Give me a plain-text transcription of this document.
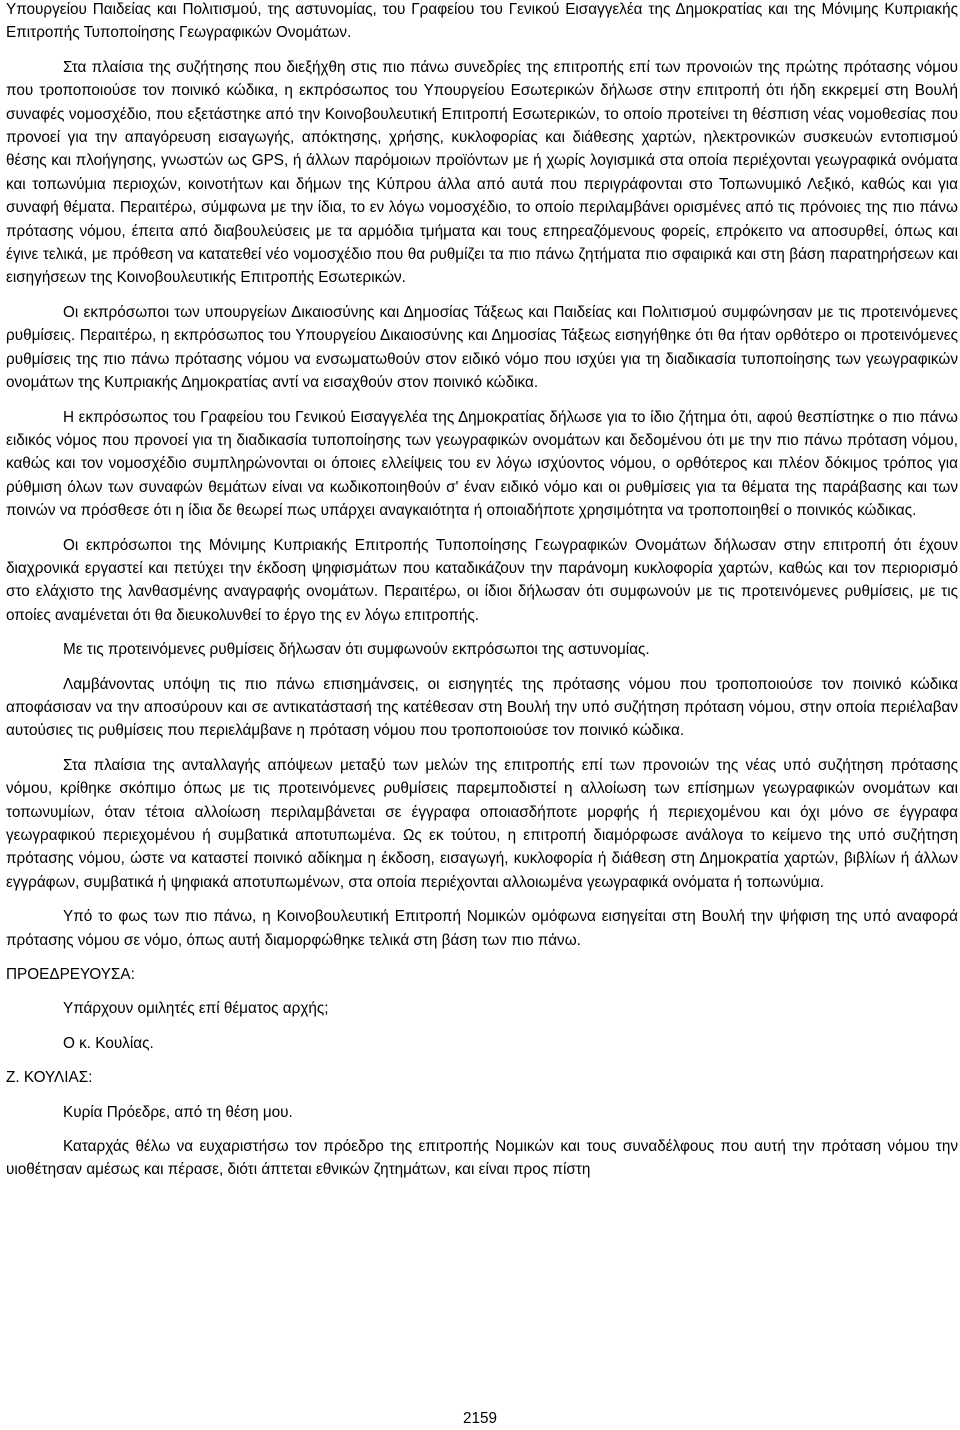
Υπουργείου Παιδείας και Πολιτισμού, της αστυνομίας, του Γραφείου του Γενικού Εισαγγελέα της Δημοκρατίας και της Μόνιμης Κυπριακής Επιτροπής Τυποποίησης Γεωγραφικών Ονομάτων.

Στα πλαίσια της συζήτησης που διεξήχθη στις πιο πάνω συνεδρίες της επιτροπής επί των προνοιών της πρώτης πρότασης νόμου που τροποποιούσε τον ποινικό κώδικα, η εκπρόσωπος του Υπουργείου Εσωτερικών δήλωσε στην επιτροπή ότι ήδη εκκρεμεί στη Βουλή συναφές νομοσχέδιο, που εξετάστηκε από την Κοινοβουλευτική Επιτροπή Εσωτερικών, το οποίο προτείνει τη θέσπιση νέας νομοθεσίας που προνοεί για την απαγόρευση εισαγωγής, απόκτησης, χρήσης, κυκλοφορίας και διάθεσης χαρτών, ηλεκτρονικών συσκευών εντοπισμού θέσης και πλοήγησης, γνωστών ως GPS, ή άλλων παρόμοιων προϊόντων με ή χωρίς λογισμικά στα οποία περιέχονται γεωγραφικά ονόματα και τοπωνύμια περιοχών, κοινοτήτων και δήμων της Κύπρου άλλα από αυτά που περιγράφονται στο Τοπωνυμικό Λεξικό, καθώς και για συναφή θέματα. Περαιτέρω, σύμφωνα με την ίδια, το εν λόγω νομοσχέδιο, το οποίο περιλαμβάνει ορισμένες από τις πρόνοιες της πιο πάνω πρότασης νόμου, έπειτα από διαβουλεύσεις με τα αρμόδια τμήματα και τους επηρεαζόμενους φορείς, επρόκειτο να αποσυρθεί, όπως και έγινε τελικά, με πρόθεση να κατατεθεί νέο νομοσχέδιο που θα ρυθμίζει τα πιο πάνω ζητήματα πιο σφαιρικά και στη βάση παρατηρήσεων και εισηγήσεων της Κοινοβουλευτικής Επιτροπής Εσωτερικών.

Οι εκπρόσωποι των υπουργείων Δικαιοσύνης και Δημοσίας Τάξεως και Παιδείας και Πολιτισμού συμφώνησαν με τις προτεινόμενες ρυθμίσεις. Περαιτέρω, η εκπρόσωπος του Υπουργείου Δικαιοσύνης και Δημοσίας Τάξεως εισηγήθηκε ότι θα ήταν ορθότερο οι προτεινόμενες ρυθμίσεις της πιο πάνω πρότασης νόμου να ενσωματωθούν στον ειδικό νόμο που ισχύει για τη διαδικασία τυποποίησης των γεωγραφικών ονομάτων της Κυπριακής Δημοκρατίας αντί να εισαχθούν στον ποινικό κώδικα.

Η εκπρόσωπος του Γραφείου του Γενικού Εισαγγελέα της Δημοκρατίας δήλωσε για το ίδιο ζήτημα ότι, αφού θεσπίστηκε ο πιο πάνω ειδικός νόμος που προνοεί για τη διαδικασία τυποποίησης των γεωγραφικών ονομάτων και δεδομένου ότι με την πιο πάνω πρόταση νόμου, καθώς και τον νομοσχέδιο συμπληρώνονται οι όποιες ελλείψεις του εν λόγω ισχύοντος νόμου, ο ορθότερος και πλέον δόκιμος τρόπος για ρύθμιση όλων των συναφών θεμάτων είναι να κωδικοποιηθούν σ' έναν ειδικό νόμο και οι ρυθμίσεις για τα θέματα της παράβασης και των ποινών να πρόσθεσε ότι η ίδια δε θεωρεί πως υπάρχει αναγκαιότητα ή οποιαδήποτε χρησιμότητα να τροποποιηθεί ο ποινικός κώδικας.

Οι εκπρόσωποι της Μόνιμης Κυπριακής Επιτροπής Τυποποίησης Γεωγραφικών Ονομάτων δήλωσαν στην επιτροπή ότι έχουν διαχρονικά εργαστεί και πετύχει την έκδοση ψηφισμάτων που καταδικάζουν την παράνομη κυκλοφορία χαρτών, καθώς και τον περιορισμό στο ελάχιστο της λανθασμένης αναγραφής ονομάτων. Περαιτέρω, οι ίδιοι δήλωσαν ότι συμφωνούν με τις προτεινόμενες ρυθμίσεις, με τις οποίες αναμένεται ότι θα διευκολυνθεί το έργο της εν λόγω επιτροπής.

Με τις προτεινόμενες ρυθμίσεις δήλωσαν ότι συμφωνούν εκπρόσωποι της αστυνομίας.

Λαμβάνοντας υπόψη τις πιο πάνω επισημάνσεις, οι εισηγητές της πρότασης νόμου που τροποποιούσε τον ποινικό κώδικα αποφάσισαν να την αποσύρουν και σε αντικατάστασή της κατέθεσαν στη Βουλή την υπό συζήτηση πρόταση νόμου, στην οποία περιέλαβαν αυτούσιες τις ρυθμίσεις που περιελάμβανε η πρόταση νόμου που τροποποιούσε τον ποινικό κώδικα.

Στα πλαίσια της ανταλλαγής απόψεων μεταξύ των μελών της επιτροπής επί των προνοιών της νέας υπό συζήτηση πρότασης νόμου, κρίθηκε σκόπιμο όπως με τις προτεινόμενες ρυθμίσεις παρεμποδιστεί η αλλοίωση των επίσημων γεωγραφικών ονομάτων και τοπωνυμίων, όταν τέτοια αλλοίωση περιλαμβάνεται σε έγγραφα οποιασδήποτε μορφής ή περιεχομένου και όχι μόνο σε έγγραφα γεωγραφικού περιεχομένου ή συμβατικά αποτυπωμένα. Ως εκ τούτου, η επιτροπή διαμόρφωσε ανάλογα το κείμενο της υπό συζήτηση πρότασης νόμου, ώστε να καταστεί ποινικό αδίκημα η έκδοση, εισαγωγή, κυκλοφορία ή διάθεση στη Δημοκρατία χαρτών, βιβλίων ή άλλων εγγράφων, συμβατικά ή ψηφιακά αποτυπωμένων, στα οποία περιέχονται αλλοιωμένα γεωγραφικά ονόματα ή τοπωνύμια.

Υπό το φως των πιο πάνω, η Κοινοβουλευτική Επιτροπή Νομικών ομόφωνα εισηγείται στη Βουλή την ψήφιση της υπό αναφορά πρότασης νόμου σε νόμο, όπως αυτή διαμορφώθηκε τελικά στη βάση των πιο πάνω.

ΠΡΟΕΔΡΕΥΟΥΣΑ:

Υπάρχουν ομιλητές επί θέματος αρχής;

Ο κ. Κουλίας.

Ζ. ΚΟΥΛΙΑΣ:

Κυρία Πρόεδρε, από τη θέση μου.

Καταρχάς θέλω να ευχαριστήσω τον πρόεδρο της επιτροπής Νομικών και τους συναδέλφους που αυτή την πρόταση νόμου την υιοθέτησαν αμέσως και πέρασε, διότι άπτεται εθνικών ζητημάτων, και είναι προς πίστη

2159
